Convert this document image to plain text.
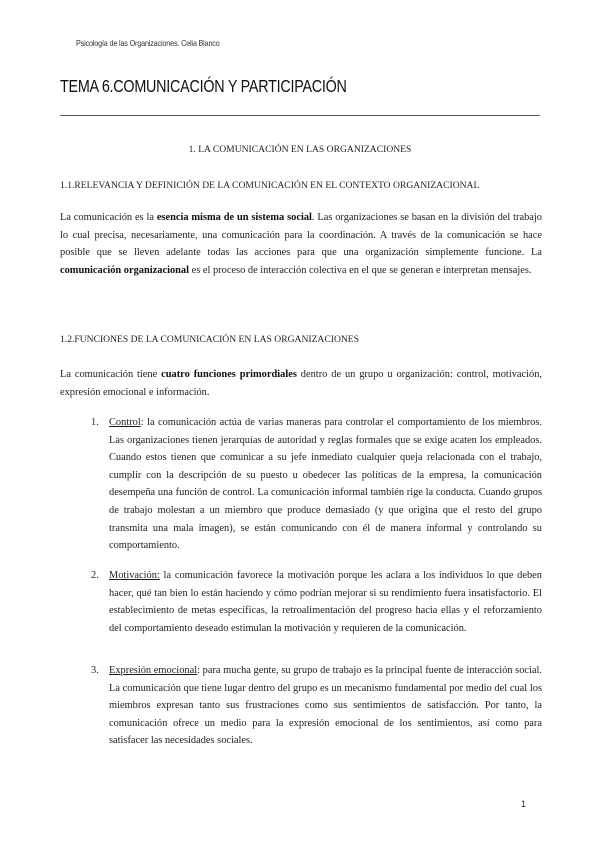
Psicología de las Organizaciones. Celia Blanco
TEMA 6.COMUNICACIÓN Y PARTICIPACIÓN
1. LA COMUNICACIÓN EN LAS ORGANIZACIONES
1.1.RELEVANCIA Y DEFINICIÓN DE LA COMUNICACIÓN EN EL CONTEXTO ORGANIZACIONAL

La comunicación es la esencia misma de un sistema social. Las organizaciones se basan en la división del trabajo lo cual precisa, necesariamente, una comunicación para la coordinación. A través de la comunicación se hace posible que se lleven adelante todas las acciones para que una organización simplemente funcione. La comunicación organizacional es el proceso de interacción colectiva en el que se generan e interpretan mensajes.

1.2.FUNCIONES DE LA COMUNICACIÓN EN LAS ORGANIZACIONES

La comunicación tiene cuatro funciones primordiales dentro de un grupo u organización: control, motivación, expresión emocional e información.

1. Control: la comunicación actúa de varias maneras para controlar el comportamiento de los miembros. Las organizaciones tienen jerarquías de autoridad y reglas formales que se exige acaten los empleados. Cuando estos tienen que comunicar a su jefe inmediato cualquier queja relacionada con el trabajo, cumplir con la descripción de su puesto u obedecer las políticas de la empresa, la comunicación desempeña una función de control. La comunicación informal también rige la conducta. Cuando grupos de trabajo molestan a un miembro que produce demasiado (y que origina que el resto del grupo transmita una mala imagen), se están comunicando con él de manera informal y controlando su comportamiento.

2. Motivación: la comunicación favorece la motivación porque les aclara a los individuos lo que deben hacer, qué tan bien lo están haciendo y cómo podrían mejorar si su rendimiento fuera insatisfactorio. El establecimiento de metas específicas, la retroalimentación del progreso hacia ellas y el reforzamiento del comportamiento deseado estimulan la motivación y requieren de la comunicación.

3. Expresión emocional: para mucha gente, su grupo de trabajo es la principal fuente de interacción social. La comunicación que tiene lugar dentro del grupo es un mecanismo fundamental por medio del cual los miembros expresan tanto sus frustraciones como sus sentimientos de satisfacción. Por tanto, la comunicación ofrece un medio para la expresión emocional de los sentimientos, así como para satisfacer las necesidades sociales.

1
